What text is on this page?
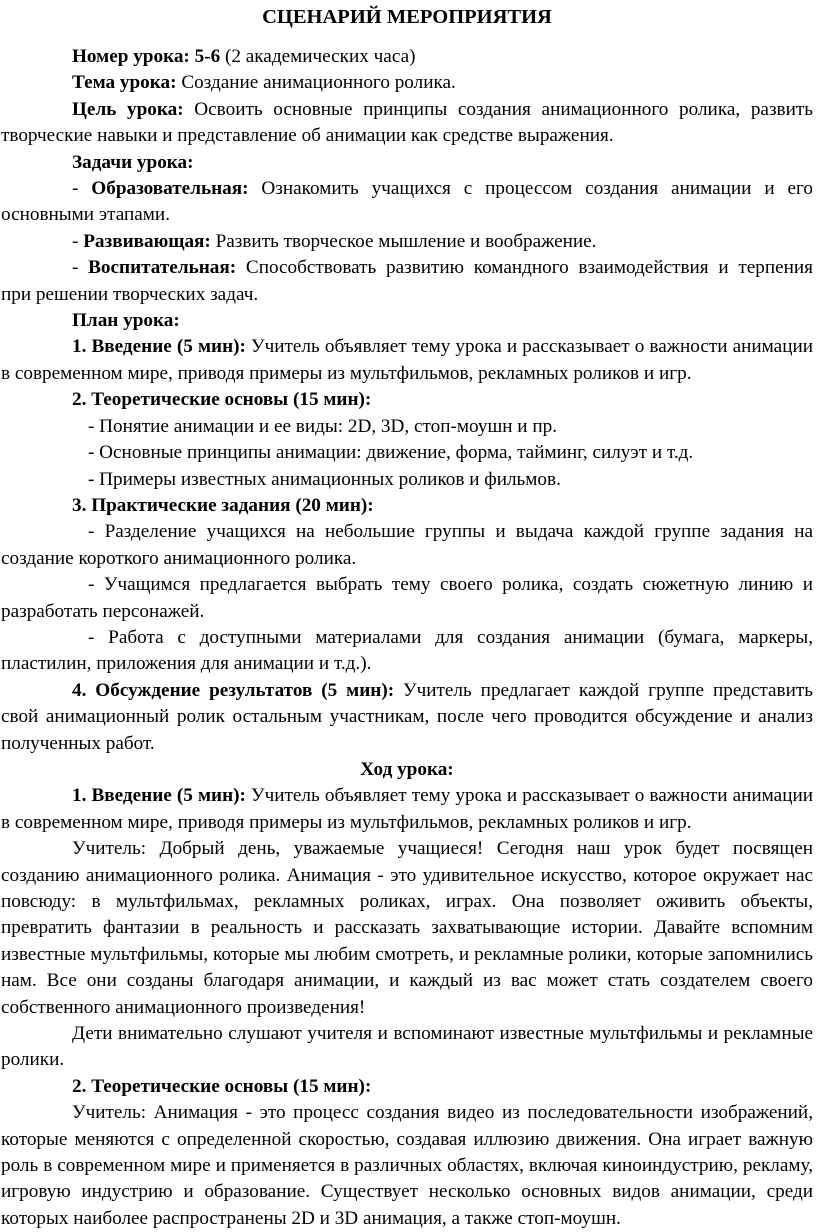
СЦЕНАРИЙ МЕРОПРИЯТИЯ

Номер урока: 5-6 (2 академических часа)

Тема урока: Создание анимационного ролика.

Цель урока: Освоить основные принципы создания анимационного ролика, развить творческие навыки и представление об анимации как средстве выражения.

Задачи урока:

- Образовательная: Ознакомить учащихся с процессом создания анимации и его основными этапами.

- Развивающая: Развить творческое мышление и воображение.

- Воспитательная: Способствовать развитию командного взаимодействия и терпения при решении творческих задач.

План урока:

1. Введение (5 мин): Учитель объявляет тему урока и рассказывает о важности анимации в современном мире, приводя примеры из мультфильмов, рекламных роликов и игр.

2. Теоретические основы (15 мин):

- Понятие анимации и ее виды: 2D, 3D, стоп-моушн и пр.

- Основные принципы анимации: движение, форма, тайминг, силуэт и т.д.

- Примеры известных анимационных роликов и фильмов.

3. Практические задания (20 мин):

- Разделение учащихся на небольшие группы и выдача каждой группе задания на создание короткого анимационного ролика.

- Учащимся предлагается выбрать тему своего ролика, создать сюжетную линию и разработать персонажей.

- Работа с доступными материалами для создания анимации (бумага, маркеры, пластилин, приложения для анимации и т.д.).

4. Обсуждение результатов (5 мин): Учитель предлагает каждой группе представить свой анимационный ролик остальным участникам, после чего проводится обсуждение и анализ полученных работ.

Ход урока:

1. Введение (5 мин): Учитель объявляет тему урока и рассказывает о важности анимации в современном мире, приводя примеры из мультфильмов, рекламных роликов и игр.

Учитель: Добрый день, уважаемые учащиеся! Сегодня наш урок будет посвящен созданию анимационного ролика. Анимация - это удивительное искусство, которое окружает нас повсюду: в мультфильмах, рекламных роликах, играх. Она позволяет оживить объекты, превратить фантазии в реальность и рассказать захватывающие истории. Давайте вспомним известные мультфильмы, которые мы любим смотреть, и рекламные ролики, которые запомнились нам. Все они созданы благодаря анимации, и каждый из вас может стать создателем своего собственного анимационного произведения!

Дети внимательно слушают учителя и вспоминают известные мультфильмы и рекламные ролики.

2. Теоретические основы (15 мин):

Учитель: Анимация - это процесс создания видео из последовательности изображений, которые меняются с определенной скоростью, создавая иллюзию движения. Она играет важную роль в современном мире и применяется в различных областях, включая киноиндустрию, рекламу, игровую индустрию и образование. Существует несколько основных видов анимации, среди которых наиболее распространены 2D и 3D анимация, а также стоп-моушн.
